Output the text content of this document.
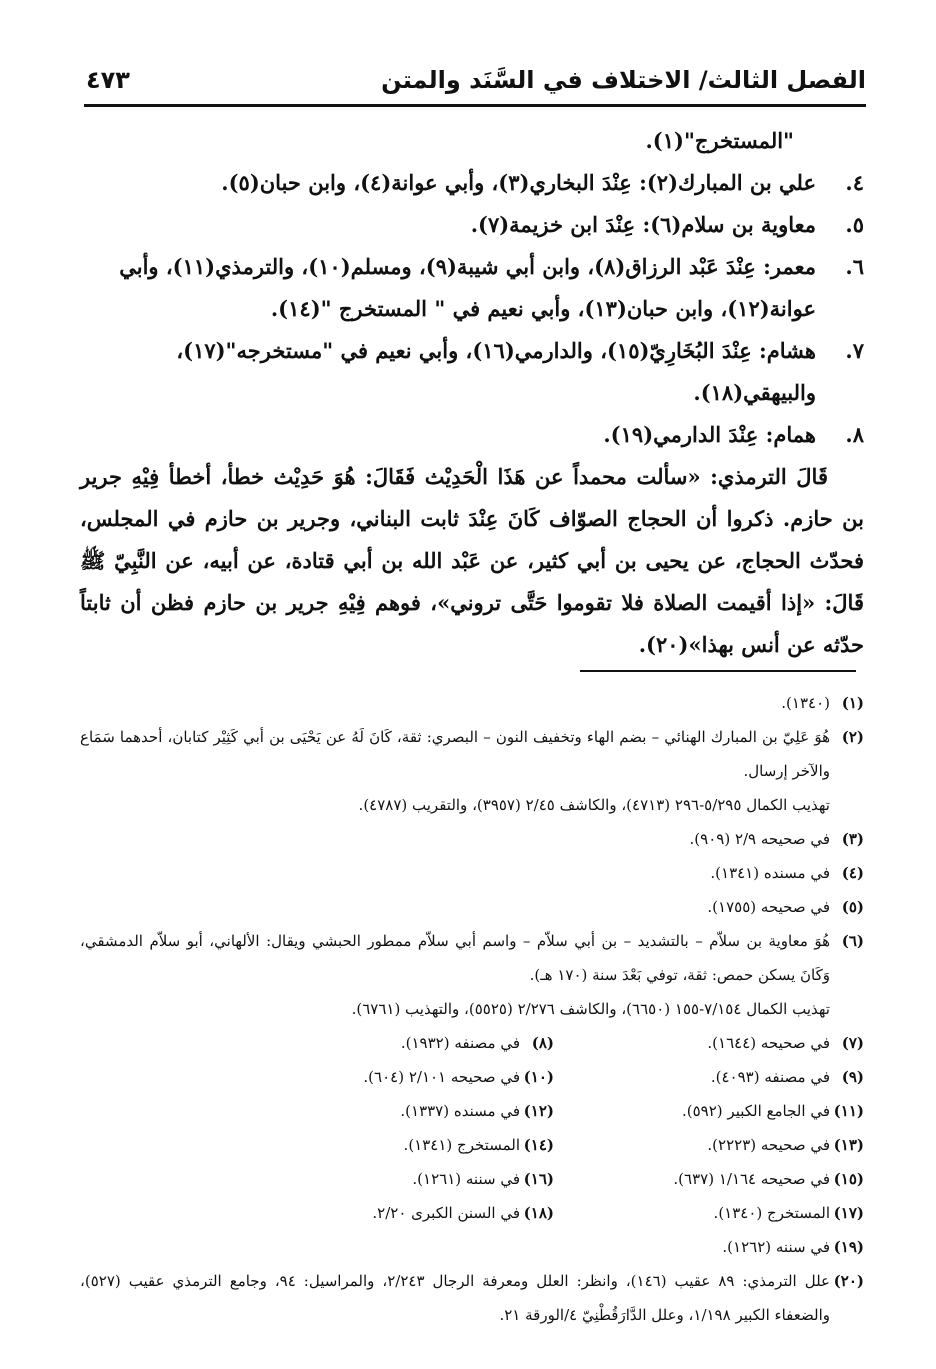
الفصل الثالث/ الاختلاف في السَّنَد والمتن
٤٧٣

"المستخرج"(١).

٤.
علي بن المبارك(٢): عِنْدَ البخاري(٣)، وأبي عوانة(٤)، وابن حبان(٥).
٥.
معاوية بن سلام(٦): عِنْدَ ابن خزيمة(٧).
٦.
معمر: عِنْدَ عَبْد الرزاق(٨)، وابن أبي شيبة(٩)، ومسلم(١٠)، والترمذي(١١)، وأبي عوانة(١٢)، وابن حبان(١٣)، وأبي نعيم في " المستخرج "(١٤).
٧.
هشام: عِنْدَ البُخَارِيّ(١٥)، والدارمي(١٦)، وأبي نعيم في "مستخرجه"(١٧)، والبيهقي(١٨).
٨.
همام: عِنْدَ الدارمي(١٩).

قَالَ الترمذي: «سألت محمداً عن هَذَا الْحَدِيْث فَقَالَ: هُوَ حَدِيْث خطأ، أخطأ فِيْهِ جرير بن حازم. ذكروا أن الحجاج الصوّاف كَانَ عِنْدَ ثابت البناني، وجرير بن حازم في المجلس، فحدّث الحجاج، عن يحيى بن أبي كثير، عن عَبْد الله بن أبي قتادة، عن أبيه، عن النَّبِيّ ﷺ قَالَ: «إذا أقيمت الصلاة فلا تقوموا حَتَّى تروني»، فوهم فِيْهِ جرير بن حازم فظن أن ثابتاً حدّثه عن أنس بهذا»(٢٠).

(١)
(١٣٤٠).
(٢)
هُوَ عَلِيّ بن المبارك الهنائي – بضم الهاء وتخفيف النون – البصري: ثقة، كَانَ لَهُ عن يَحْيَى بن أبي كَثِيْر كتابان، أحدهما سَمَاع والآخر إرسال.
تهذيب الكمال ٥/٢٩٥-٢٩٦ (٤٧١٣)، والكاشف ٢/٤٥ (٣٩٥٧)، والتقريب (٤٧٨٧).
(٣)
في صحيحه ٢/٩ (٩٠٩).
(٤)
في مسنده (١٣٤١).
(٥)
في صحيحه (١٧٥٥).
(٦)
هُوَ معاوية بن سلاّم – بالتشديد – بن أبي سلاّم – واسم أبي سلاّم ممطور الحبشي ويقال: الألهاني، أبو سلاّم الدمشقي، وَكَانَ يسكن حمص: ثقة، توفي بَعْدَ سنة (١٧٠ هـ).
تهذيب الكمال ٧/١٥٤-١٥٥ (٦٦٥٠)، والكاشف ٢/٢٧٦ (٥٥٢٥)، والتهذيب (٦٧٦١).
(٧)
في صحيحه (١٦٤٤).
(٨)
في مصنفه (١٩٣٢).
(٩)
في مصنفه (٤٠٩٣).
(١٠)
في صحيحه ٢/١٠١ (٦٠٤).
(١١)
في الجامع الكبير (٥٩٢).
(١٢)
في مسنده (١٣٣٧).
(١٣)
في صحيحه (٢٢٢٣).
(١٤)
المستخرج (١٣٤١).
(١٥)
في صحيحه ١/١٦٤ (٦٣٧).
(١٦)
في سننه (١٢٦١).
(١٧)
المستخرج (١٣٤٠).
(١٨)
في السنن الكبرى ٢/٢٠.
(١٩)
في سننه (١٢٦٢).
(٢٠)
علل الترمذي: ٨٩ عقيب (١٤٦)، وانظر: العلل ومعرفة الرجال ٢/٢٤٣، والمراسيل: ٩٤، وجامع الترمذي عقيب (٥٢٧)، والضعفاء الكبير ١/١٩٨، وعلل الدَّارَقُطْنِيّ ٤/الورقة ٢١.
